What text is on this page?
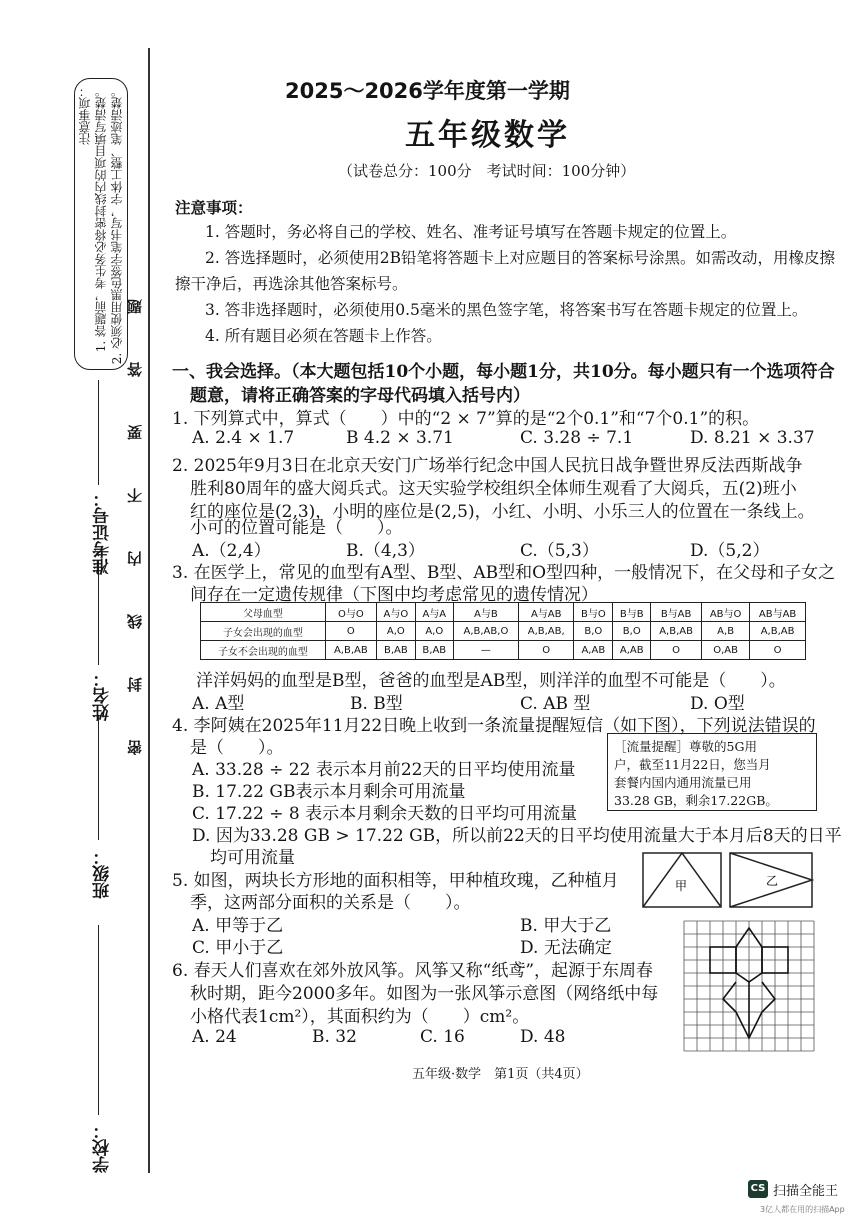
注意事项： 1. 答题前，考生务必将密封线内的项目填写清楚。 2. 必须使用黑色签字笔书写，字体工整、笔迹清楚。
学校：
班级：
姓名：
准考证号： 密封线内不要答题
2025～2026学年度第一学期
五年级数学
（试卷总分：100分　考试时间：100分钟）
注意事项：
1. 答题时，务必将自己的学校、姓名、准考证号填写在答题卡规定的位置上。
2. 答选择题时，必须使用2B铅笔将答题卡上对应题目的答案标号涂黑。如需改动，用橡皮擦
擦干净后，再选涂其他答案标号。
3. 答非选择题时，必须使用0.5毫米的黑色签字笔，将答案书写在答题卡规定的位置上。
4. 所有题目必须在答题卡上作答。
一、我会选择。（本大题包括10个小题，每小题1分，共10分。每小题只有一个选项符合
题意，请将正确答案的字母代码填入括号内）
1. 下列算式中，算式（　　）中的“2 × 7”算的是“2个0.1”和“7个0.1”的积。
A. 2.4 × 1.7	B 4.2 × 3.71	C. 3.28 ÷ 7.1	D. 8.21 × 3.37
2. 2025年9月3日在北京天安门广场举行纪念中国人民抗日战争暨世界反法西斯战争
胜利80周年的盛大阅兵式。这天实验学校组织全体师生观看了大阅兵，五(2)班小
红的座位是(2,3)，小明的座位是(2,5)，小红、小明、小乐三人的位置在一条线上。
小可的位置可能是（　　）。
A.（2,4）	B.（4,3）	C.（5,3）	D.（5,2）
3. 在医学上，常见的血型有A型、B型、AB型和O型四种，一般情况下，在父母和子女之
间存在一定遗传规律（下图中均考虑常见的遗传情况）
父母血型	O与O	A与O	A与A	A与B	A与AB	B与O	B与B	B与AB	AB与O	AB与AB
子女会出现的血型	O	A,O	A,O	A,B,AB,O	A,B,AB,	B,O	B,O	A,B,AB	A,B	A,B,AB
子女不会出现的血型	A,B,AB	B,AB	B,AB	—	O	A,AB	A,AB	O	O,AB	O
洋洋妈妈的血型是B型，爸爸的血型是AB型，则洋洋的血型不可能是（　　）。
A. A型	B. B型	C. AB 型	D. O型
4. 李阿姨在2025年11月22日晚上收到一条流量提醒短信（如下图），下列说法错误的
是（　　）。
A. 33.28 ÷ 22 表示本月前22天的日平均使用流量
B. 17.22 GB表示本月剩余可用流量
C. 17.22 ÷ 8 表示本月剩余天数的日平均可用流量
D. 因为33.28 GB > 17.22 GB，所以前22天的日平均使用流量大于本月后8天的日平
均可用流量
［流量提醒］尊敬的5G用
户，截至11月22日，您当月
套餐内国内通用流量已用
33.28 GB，剩余17.22GB。
5. 如图，两块长方形地的面积相等，甲种植玫瑰，乙种植月
季，这两部分面积的关系是（　　）。
A. 甲等于乙	B. 甲大于乙
C. 甲小于乙	D. 无法确定
甲	乙
6. 春天人们喜欢在郊外放风筝。风筝又称“纸鸢”，起源于东周春
秋时期，距今2000多年。如图为一张风筝示意图（网络纸中每
小格代表1cm²），其面积约为（　　）cm²。
A. 24	B. 32	C. 16	D. 48
五年级·数学　第1页（共4页）
CS 扫描全能王
3亿人都在用的扫描App
